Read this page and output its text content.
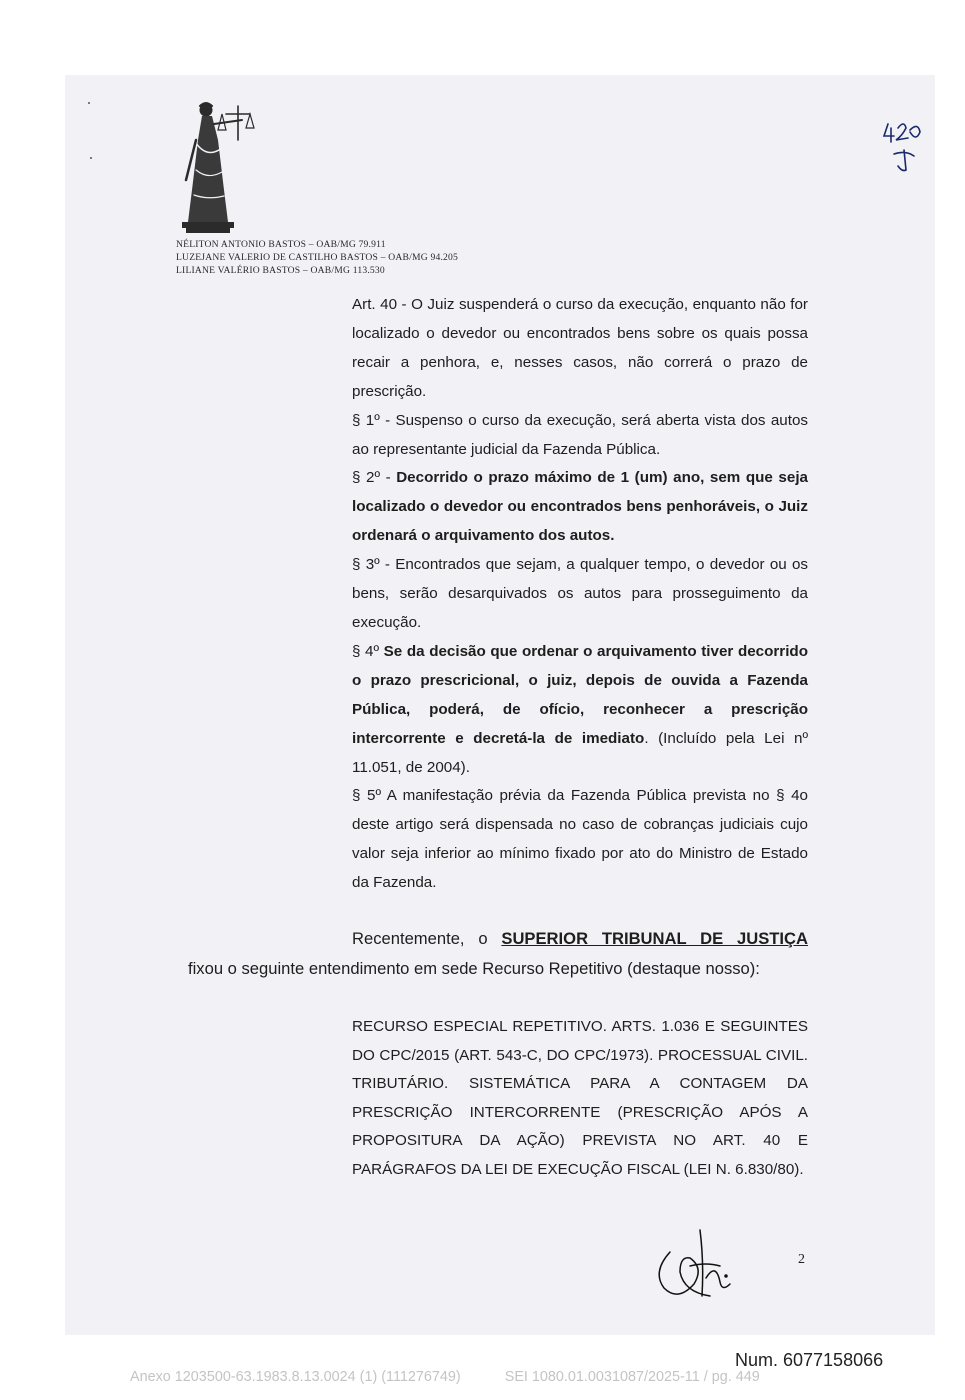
NÉLITON ANTONIO BASTOS – OAB/MG 79.911
LUZEJANE VALERIO DE CASTILHO BASTOS – OAB/MG 94.205
LILIANE VALÉRIO BASTOS – OAB/MG 113.530

Art. 40 - O Juiz suspenderá o curso da execução, enquanto não for localizado o devedor ou encontrados bens sobre os quais possa recair a penhora, e, nesses casos, não correrá o prazo de prescrição.

§ 1º - Suspenso o curso da execução, será aberta vista dos autos ao representante judicial da Fazenda Pública.

§ 2º - Decorrido o prazo máximo de 1 (um) ano, sem que seja localizado o devedor ou encontrados bens penhoráveis, o Juiz ordenará o arquivamento dos autos.

§ 3º - Encontrados que sejam, a qualquer tempo, o devedor ou os bens, serão desarquivados os autos para prosseguimento da execução.

§ 4º Se da decisão que ordenar o arquivamento tiver decorrido o prazo prescricional, o juiz, depois de ouvida a Fazenda Pública, poderá, de ofício, reconhecer a prescrição intercorrente e decretá-la de imediato. (Incluído pela Lei nº 11.051, de 2004).

§ 5º A manifestação prévia da Fazenda Pública prevista no § 4o deste artigo será dispensada no caso de cobranças judiciais cujo valor seja inferior ao mínimo fixado por ato do Ministro de Estado da Fazenda.

Recentemente, o SUPERIOR TRIBUNAL DE JUSTIÇA
fixou o seguinte entendimento em sede Recurso Repetitivo (destaque nosso):
RECURSO ESPECIAL REPETITIVO. ARTS. 1.036 E SEGUINTES DO CPC/2015 (ART. 543-C, DO CPC/1973). PROCESSUAL CIVIL. TRIBUTÁRIO. SISTEMÁTICA PARA A CONTAGEM DA PRESCRIÇÃO INTERCORRENTE (PRESCRIÇÃO APÓS A PROPOSITURA DA AÇÃO) PREVISTA NO ART. 40 E PARÁGRAFOS DA LEI DE EXECUÇÃO FISCAL (LEI N. 6.830/80).
2
Num. 6077158066
Anexo 1203500-63.1983.8.13.0024 (1) (111276749)	SEI 1080.01.0031087/2025-11 / pg. 449
